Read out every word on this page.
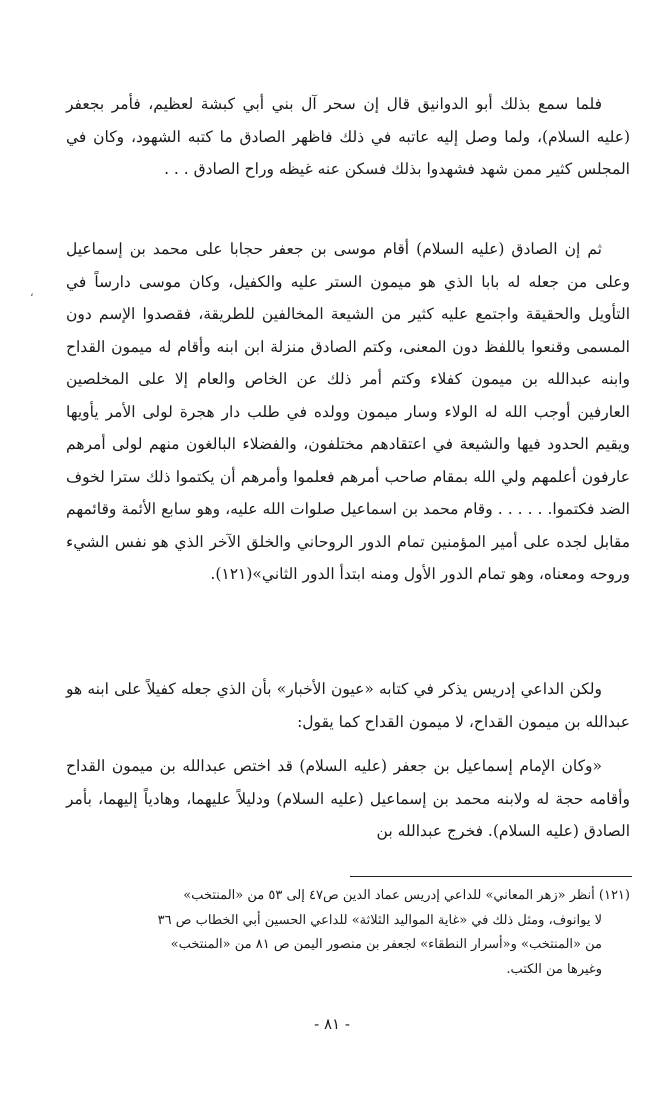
،

فلما سمع بذلك أبو الدوانيق قال إن سحر آل بني أبي كبشة لعظيم، فأمر بجعفر (عليه السلام)، ولما وصل إليه عاتبه في ذلك فاظهر الصادق ما كتبه الشهود، وكان في المجلس كثير ممن شهد فشهدوا بذلك فسكن عنه غيظه وراح الصادق . . .

ثم إن الصادق (عليه السلام) أقام موسى بن جعفر حجابا على محمد بن إسماعيل وعلى من جعله له بابا الذي هو ميمون الستر عليه والكفيل، وكان موسى دارساً في التأويل والحقيقة واجتمع عليه كثير من الشيعة المخالفين للطريقة، فقصدوا الإسم دون المسمى وقنعوا باللفظ دون المعنى، وكتم الصادق منزلة ابن ابنه وأقام له ميمون القداح وابنه عبدالله بن ميمون كفلاء وكتم أمر ذلك عن الخاص والعام إلا على المخلصين العارفين أوجب الله له الولاء وسار ميمون وولده في طلب دار هجرة لولى الأمر يأويها ويقيم الحدود فيها والشيعة في اعتقادهم مختلفون، والفضلاء البالغون منهم لولى أمرهم عارفون أعلمهم ولي الله بمقام صاحب أمرهم فعلموا وأمرهم أن يكتموا ذلك سترا لخوف الضد فكتموا. . . . . . وقام محمد بن اسماعيل صلوات الله عليه، وهو سابع الأئمة وقائمهم مقابل لجده على أمير المؤمنين تمام الدور الروحاني والخلق الآخر الذي هو نفس الشيء وروحه ومعناه، وهو تمام الدور الأول ومنه ابتدأ الدور الثاني»(١٢١).

ولكن الداعي إدريس يذكر في كتابه «عيون الأخبار» بأن الذي جعله كفيلاً على ابنه هو عبدالله بن ميمون القداح، لا ميمون القداح كما يقول:

«وكان الإمام إسماعيل بن جعفر (عليه السلام) قد اختص عبدالله بن ميمون القداح وأقامه حجة له ولابنه محمد بن إسماعيل (عليه السلام) ودليلاً عليهما، وهادياً إليهما، بأمر الصادق (عليه السلام). فخرج عبدالله بن

(١٢١) أنظر «زهر المعاني» للداعي إدريس عماد الدين ص٤٧ إلى ٥٣ من «المنتخب»
لا يوانوف، ومثل ذلك في «غاية المواليد الثلاثة» للداعي الحسين أبي الخطاب ص ٣٦
من «المنتخب» و«أسرار النطقاء» لجعفر بن منصور اليمن ص ٨١ من «المنتخب»
وغيرها من الكتب.
- ٨١ -
